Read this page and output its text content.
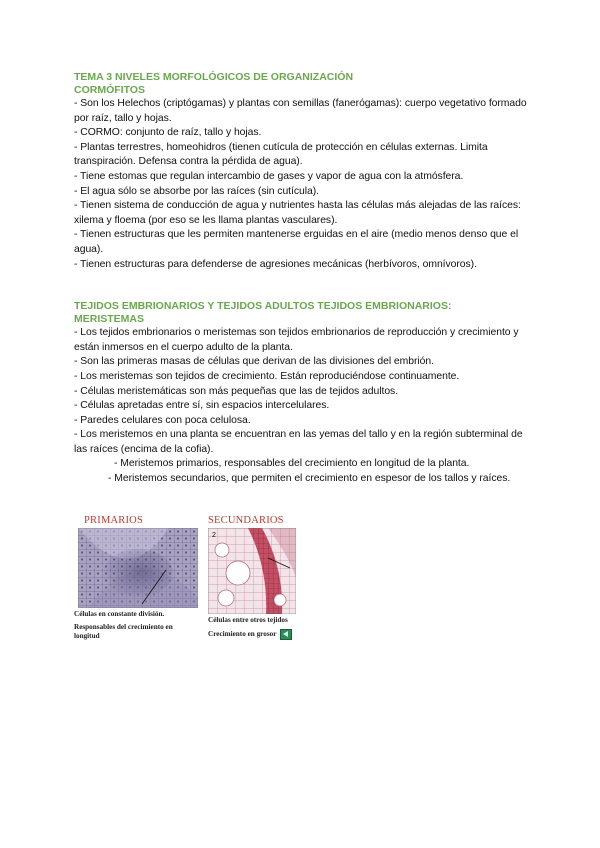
TEMA 3 NIVELES MORFOLÓGICOS DE ORGANIZACIÓN

CORMÓFITOS

- Son los Helechos (criptógamas) y plantas con semillas (fanerógamas): cuerpo vegetativo formado por raíz, tallo y hojas.

- CORMO: conjunto de raíz, tallo y hojas.

- Plantas terrestres, homeohidros (tienen cutícula de protección en células externas. Limita transpiración. Defensa contra la pérdida de agua).

- Tiene estomas que regulan intercambio de gases y vapor de agua con la atmósfera.

- El agua sólo se absorbe por las raíces (sin cutícula).

- Tienen sistema de conducción de agua y nutrientes hasta las células más alejadas de las raíces: xilema y floema (por eso se les llama plantas vasculares).

- Tienen estructuras que les permiten mantenerse erguidas en el aire (medio menos denso que el agua).

- Tienen estructuras para defenderse de agresiones mecánicas (herbívoros, omnívoros).

TEJIDOS EMBRIONARIOS Y TEJIDOS ADULTOS TEJIDOS EMBRIONARIOS:

MERISTEMAS

- Los tejidos embrionarios o meristemas son tejidos embrionarios de reproducción y crecimiento y están inmersos en el cuerpo adulto de la planta.

- Son las primeras masas de células que derivan de las divisiones del embrión.

- Los meristemas son tejidos de crecimiento. Están reproduciéndose continuamente.

- Células meristemáticas son más pequeñas que las de tejidos adultos.

- Células apretadas entre sí, sin espacios intercelulares.

- Paredes celulares con poca celulosa.

- Los meristemos en una planta se encuentran en las yemas del tallo y en la región subterminal de las raíces (encima de la cofia).

- Meristemos primarios, responsables del crecimiento en longitud de la planta.

- Meristemos secundarios, que permiten el crecimiento en espesor de los tallos y raíces.

PRIMARIOS
Células en constante división.
Responsables del crecimiento en longitud
SECUNDARIOS
2
Células entre otros tejidos
Crecimiento en grosor
